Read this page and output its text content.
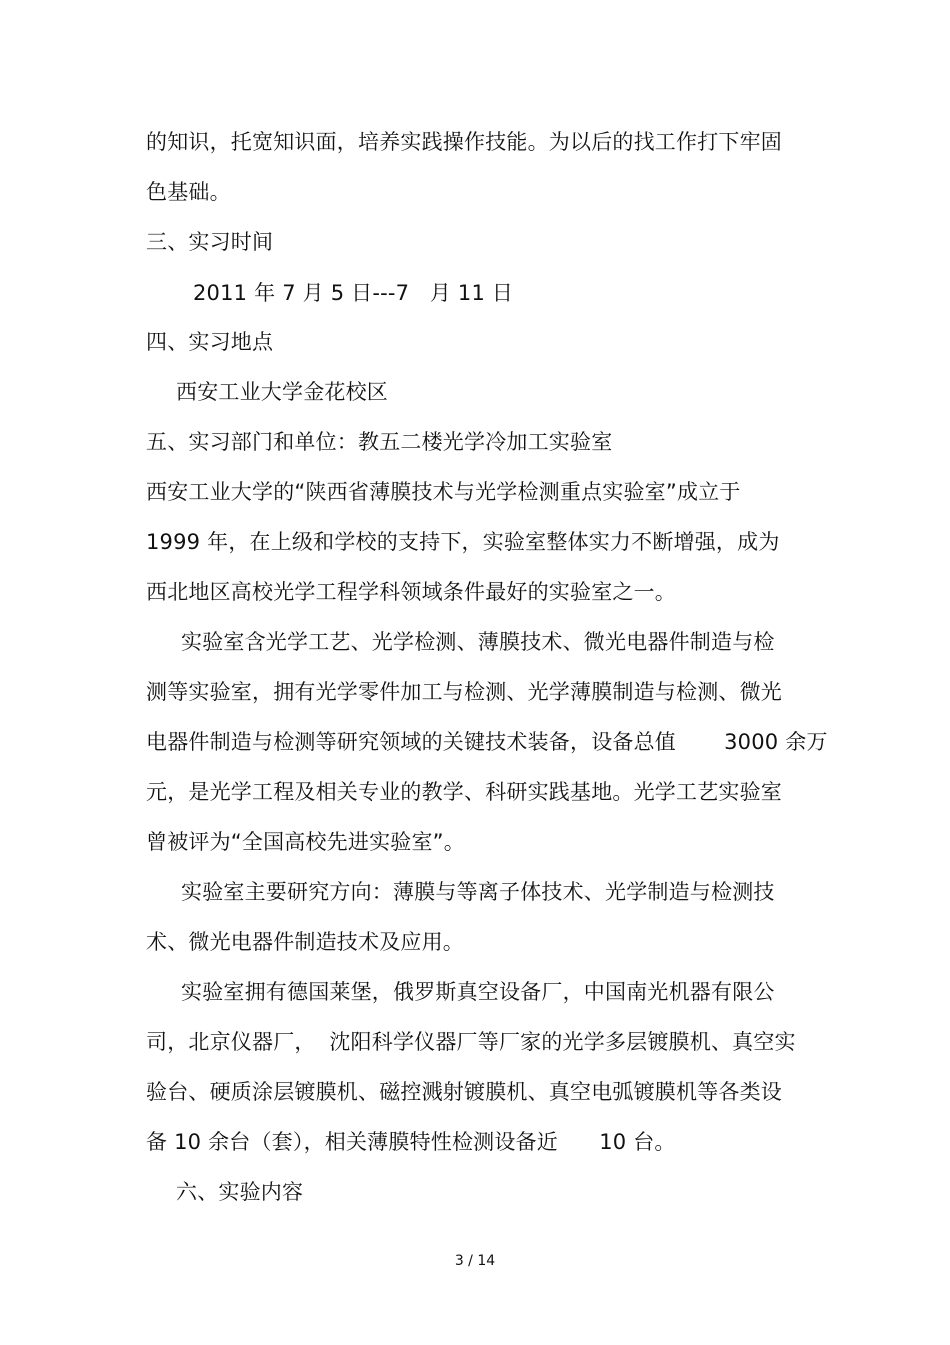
的知识，托宽知识面，培养实践操作技能。为以后的找工作打下牢固
色基础。
三、实习时间
2011 年 7 月 5 日---7   月 11 日
四、实习地点
西安工业大学金花校区
五、实习部门和单位：教五二楼光学冷加工实验室
西安工业大学的“陕西省薄膜技术与光学检测重点实验室”成立于
1999 年，在上级和学校的支持下，实验室整体实力不断增强，成为
西北地区高校光学工程学科领域条件最好的实验室之一。
实验室含光学工艺、光学检测、薄膜技术、微光电器件制造与检
测等实验室，拥有光学零件加工与检测、光学薄膜制造与检测、微光
电器件制造与检测等研究领域的关键技术装备，设备总值       3000 余万
元，是光学工程及相关专业的教学、科研实践基地。光学工艺实验室
曾被评为“全国高校先进实验室”。
实验室主要研究方向：薄膜与等离子体技术、光学制造与检测技
术、微光电器件制造技术及应用。
实验室拥有德国莱堡，俄罗斯真空设备厂，中国南光机器有限公
司，北京仪器厂，  沈阳科学仪器厂等厂家的光学多层镀膜机、真空实
验台、硬质涂层镀膜机、磁控溅射镀膜机、真空电弧镀膜机等各类设
备 10 余台（套），相关薄膜特性检测设备近      10 台。
六、实验内容
3 / 14
